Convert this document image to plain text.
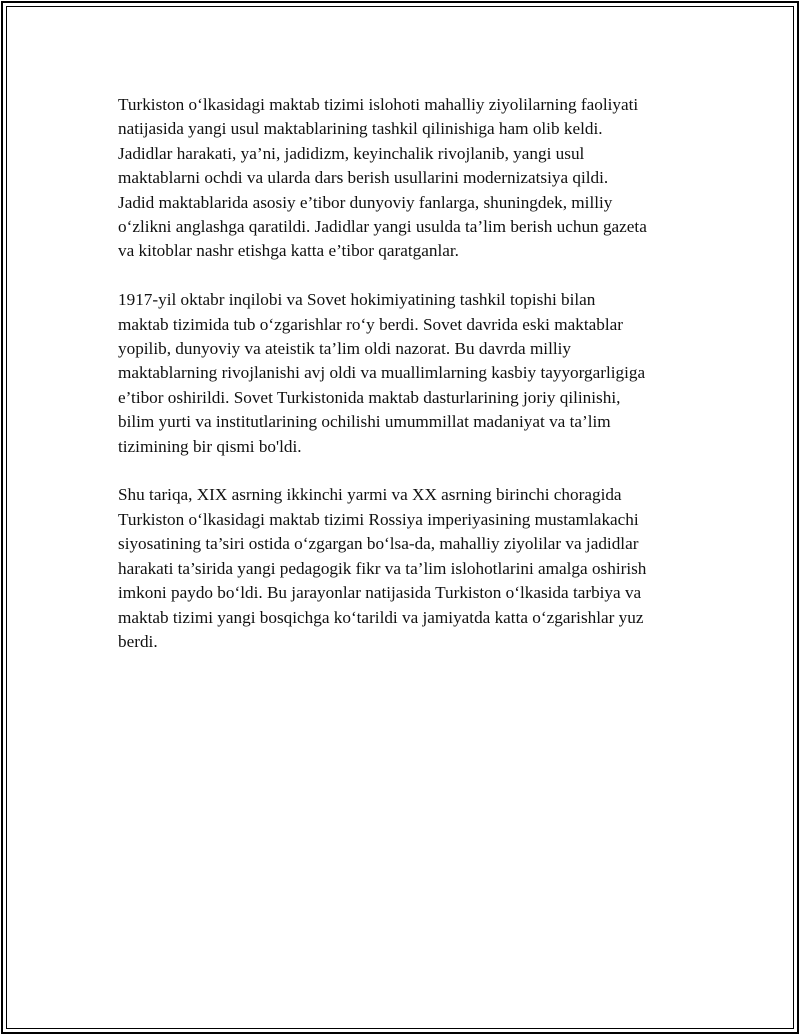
Turkiston oʻlkasidagi maktab tizimi islohoti mahalliy ziyolilarning faoliyati
natijasida yangi usul maktablarining tashkil qilinishiga ham olib keldi.
Jadidlar harakati, ya’ni, jadidizm, keyinchalik rivojlanib, yangi usul
maktablarni ochdi va ularda dars berish usullarini modernizatsiya qildi.
Jadid maktablarida asosiy e’tibor dunyoviy fanlarga, shuningdek, milliy
oʻzlikni anglashga qaratildi. Jadidlar yangi usulda ta’lim berish uchun gazeta
va kitoblar nashr etishga katta e’tibor qaratganlar.

1917-yil oktabr inqilobi va Sovet hokimiyatining tashkil topishi bilan
maktab tizimida tub oʻzgarishlar roʻy berdi. Sovet davrida eski maktablar
yopilib, dunyoviy va ateistik ta’lim oldi nazorat. Bu davrda milliy
maktablarning rivojlanishi avj oldi va muallimlarning kasbiy tayyorgarligiga
e’tibor oshirildi. Sovet Turkistonida maktab dasturlarining joriy qilinishi,
bilim yurti va institutlarining ochilishi umummillat madaniyat va ta’lim
tizimining bir qismi bo'ldi.

Shu tariqa, XIX asrning ikkinchi yarmi va XX asrning birinchi choragida
Turkiston oʻlkasidagi maktab tizimi Rossiya imperiyasining mustamlakachi
siyosatining ta’siri ostida oʻzgargan boʻlsa-da, mahalliy ziyolilar va jadidlar
harakati ta’sirida yangi pedagogik fikr va ta’lim islohotlarini amalga oshirish
imkoni paydo boʻldi. Bu jarayonlar natijasida Turkiston oʻlkasida tarbiya va
maktab tizimi yangi bosqichga koʻtarildi va jamiyatda katta oʻzgarishlar yuz
berdi.
